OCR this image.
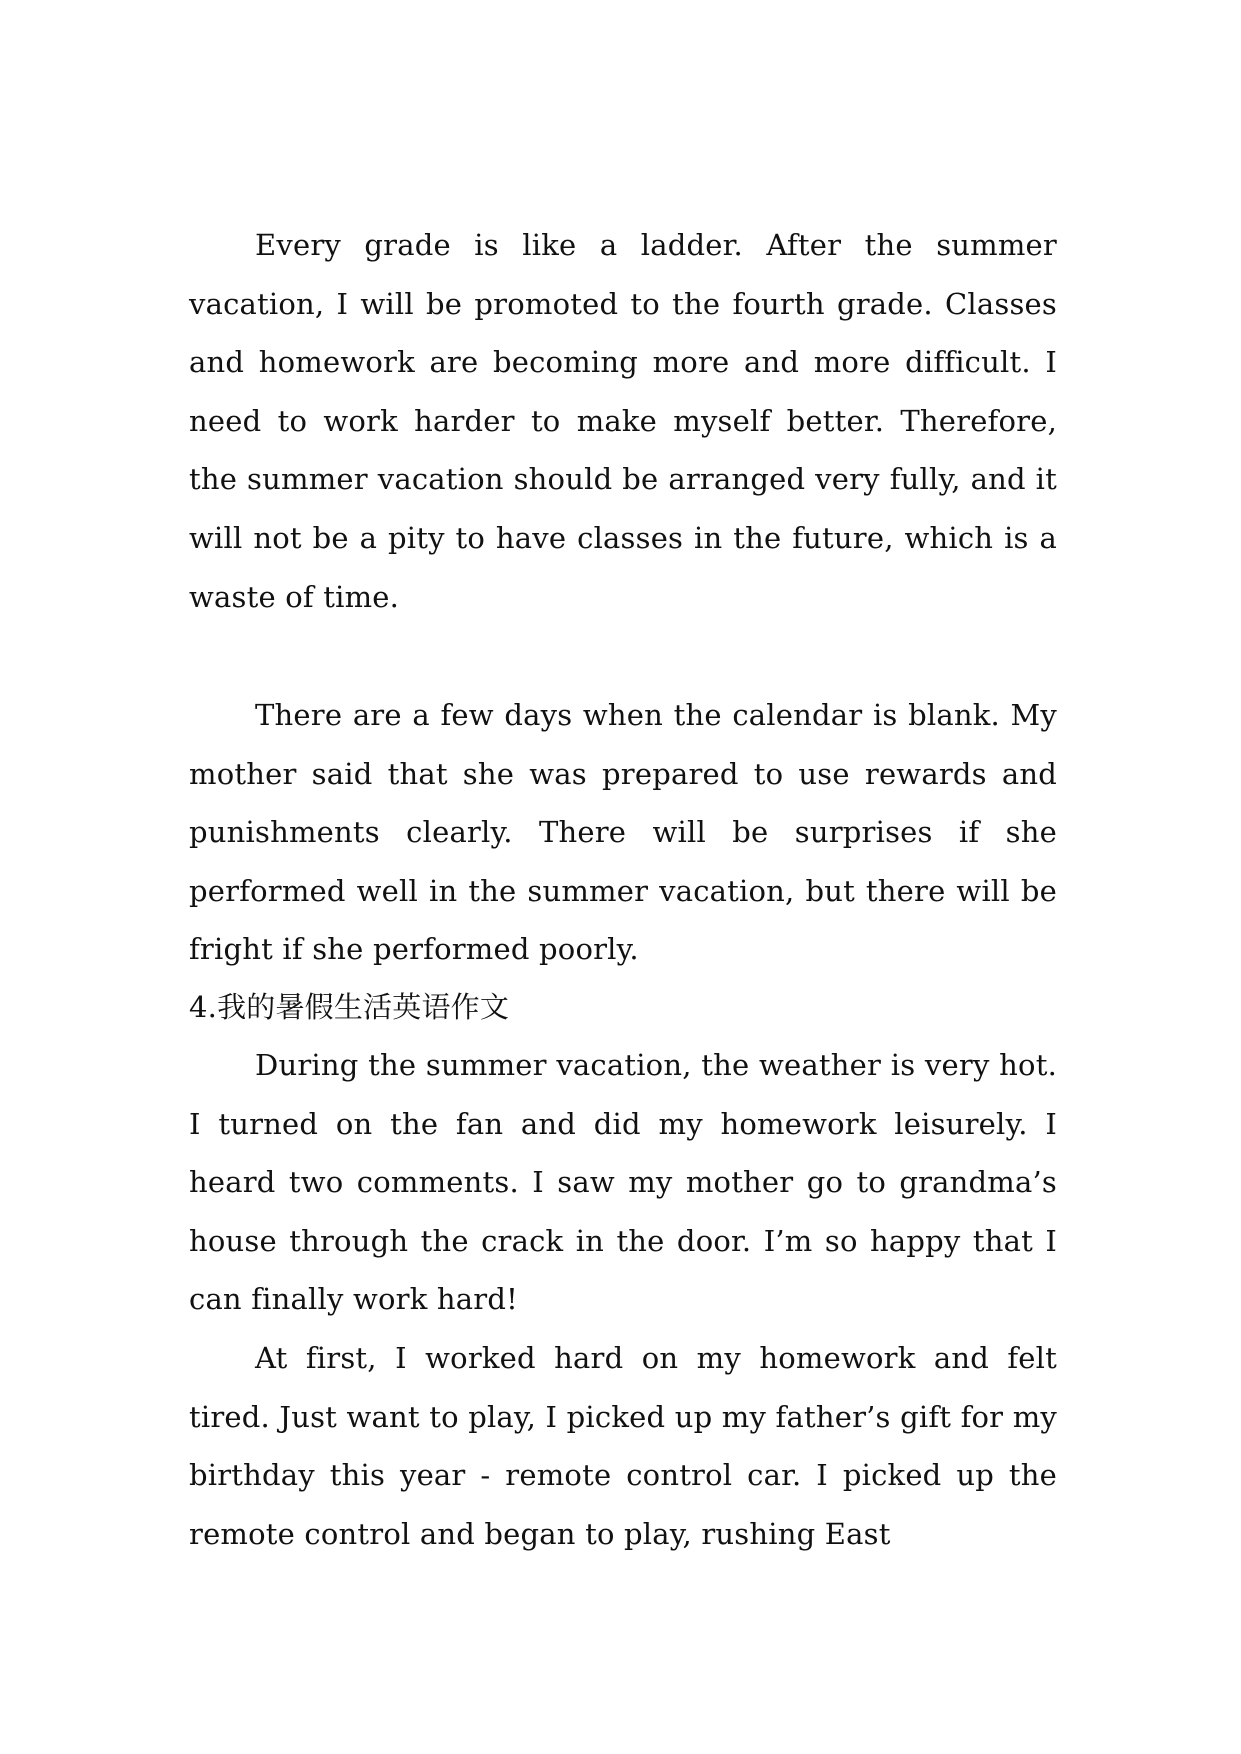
Every grade is like a ladder. After the summer vacation, I will be promoted to the fourth grade. Classes and homework are becoming more and more difficult. I need to work harder to make myself better. Therefore, the summer vacation should be arranged very fully, and it will not be a pity to have classes in the future, which is a waste of time.

There are a few days when the calendar is blank. My mother said that she was prepared to use rewards and punishments clearly. There will be surprises if she performed well in the summer vacation, but there will be fright if she performed poorly.

4.我的暑假生活英语作文

During the summer vacation, the weather is very hot. I turned on the fan and did my homework leisurely. I heard two comments. I saw my mother go to grandma’s house through the crack in the door. I’m so happy that I can finally work hard!

At first, I worked hard on my homework and felt tired. Just want to play, I picked up my father’s gift for my birthday this year - remote control car. I picked up the remote control and began to play, rushing East
